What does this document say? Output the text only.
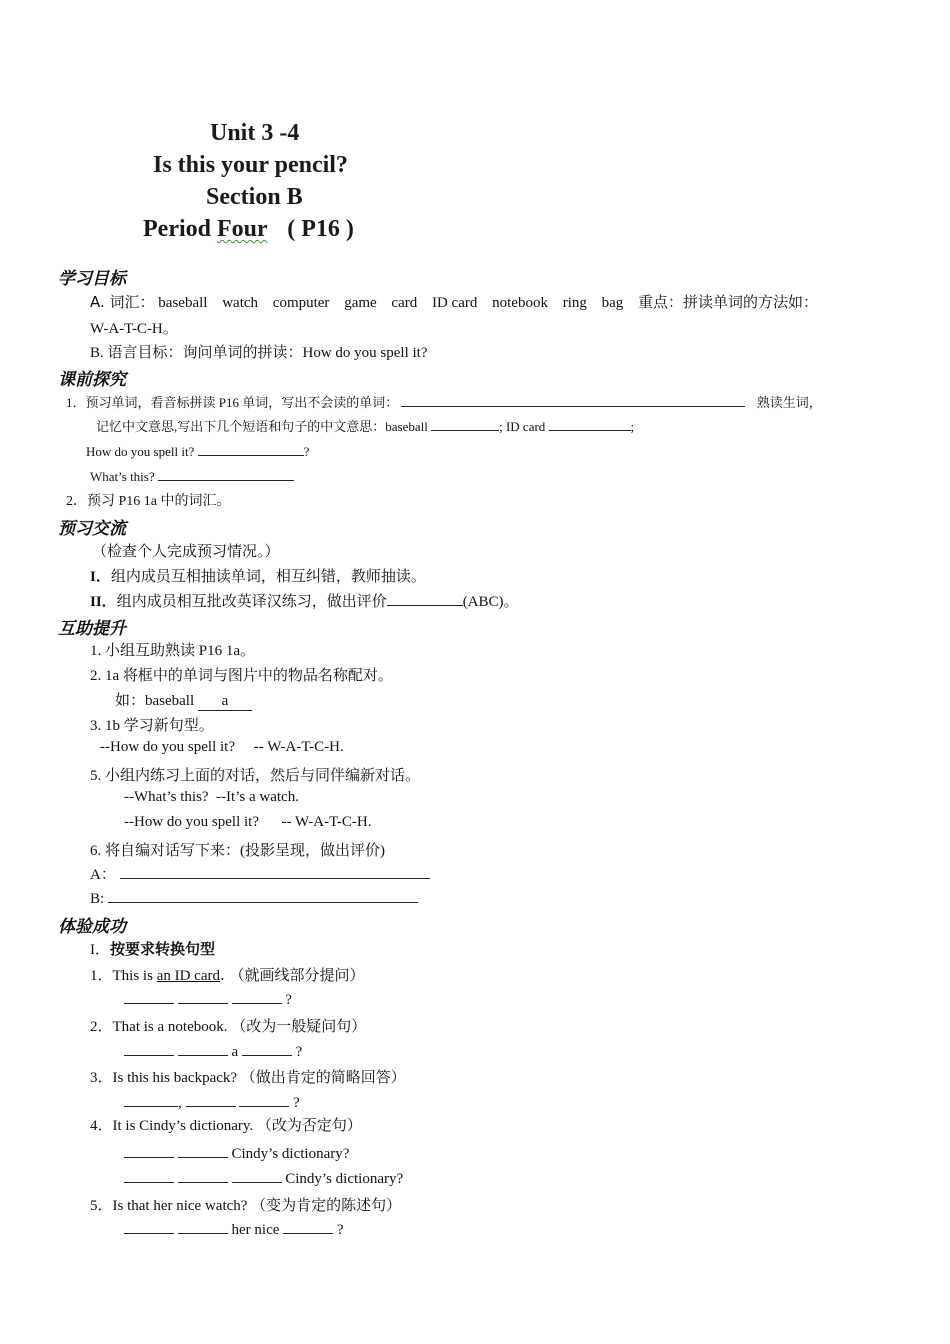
Unit 3 -4
Is this your pencil?
Section B
Period Four ( P16 )
学习目标
A. 词汇： baseball watch computer game card ID card notebook ring bag 重点：拼读单词的方法如：
W-A-T-C-H。
B. 语言目标：询问单词的拼读：How do you spell it?
课前探究
1．预习单词，看音标拼读 P16 单词，写出不会读的单词：	熟读生词，
记忆中文意思,写出下几个短语和句子的中文意思：baseball	; ID card	;
How do you spell it?	?
What’s this?
2．预习 P16 1a 中的词汇。
预习交流
（检查个人完成预习情况。）
I．组内成员互相抽读单词，相互纠错，教师抽读。
II．组内成员相互批改英译汉练习，做出评价	(ABC)。
互助提升
1. 小组互助熟读 P16 1a。
2. 1a 将框中的单词与图片中的物品名称配对。
如：baseball a
3. 1b 学习新句型。
--How do you spell it?     -- W-A-T-C-H.
5. 小组内练习上面的对话，然后与同伴编新对话。
--What’s this?  --It’s a watch.
--How do you spell it?      -- W-A-T-C-H.
6. 将自编对话写下来：(投影呈现，做出评价)
A：
B:
体验成功
I．按要求转换句型
1．This is an ID card. （就画线部分提问）
?
2．That is a notebook. （改为一般疑问句）
a	?
3．Is this his backpack? （做出肯定的简略回答）
,	?
4．It is Cindy’s dictionary. （改为否定句）
Cindy’s dictionary?
Cindy’s dictionary?
5．Is that her nice watch? （变为肯定的陈述句）
her nice	?
